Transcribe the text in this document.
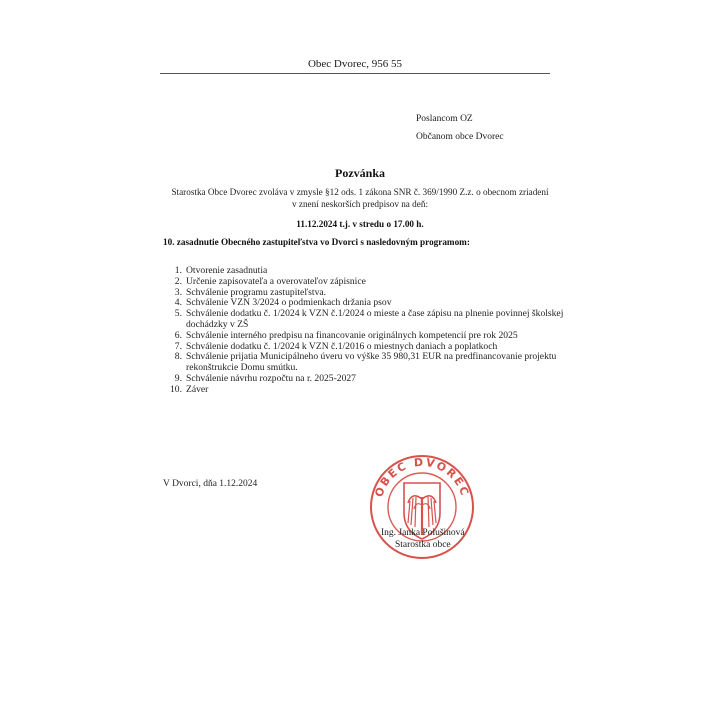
Obec Dvorec, 956 55
Poslancom OZ
Občanom obce Dvorec
Pozvánka
Starostka Obce Dvorec zvoláva v zmysle §12 ods. 1 zákona SNR č. 369/1990 Z.z. o obecnom zriadení
v znení neskorších predpisov na deň:
11.12.2024 t.j. v stredu o 17.00 h.
10. zasadnutie Obecného zastupiteľstva vo Dvorci s nasledovným programom:
1. Otvorenie zasadnutia
2. Určenie zapisovateľa a overovateľov zápisnice
3. Schválenie programu zastupiteľstva.
4. Schválenie VZN 3/2024 o podmienkach držania psov
5. Schválenie dodatku č. 1/2024 k VZN č.1/2024 o mieste a čase zápisu na plnenie povinnej školskej dochádzky v ZŠ
6. Schválenie interného predpisu na financovanie originálnych kompetencií pre rok 2025
7. Schválenie dodatku č. 1/2024 k VZN č.1/2016 o miestnych daniach a poplatkoch
8. Schválenie prijatia Municipálneho úveru vo výške 35 980,31 EUR na predfinancovanie projektu rekonštrukcie Domu smútku.
9. Schválenie návrhu rozpočtu na r. 2025-2027
10. Záver
V Dvorci, dňa 1.12.2024	OBEC DVOREC
Ing. Janka Polušinová
Starostka obce
